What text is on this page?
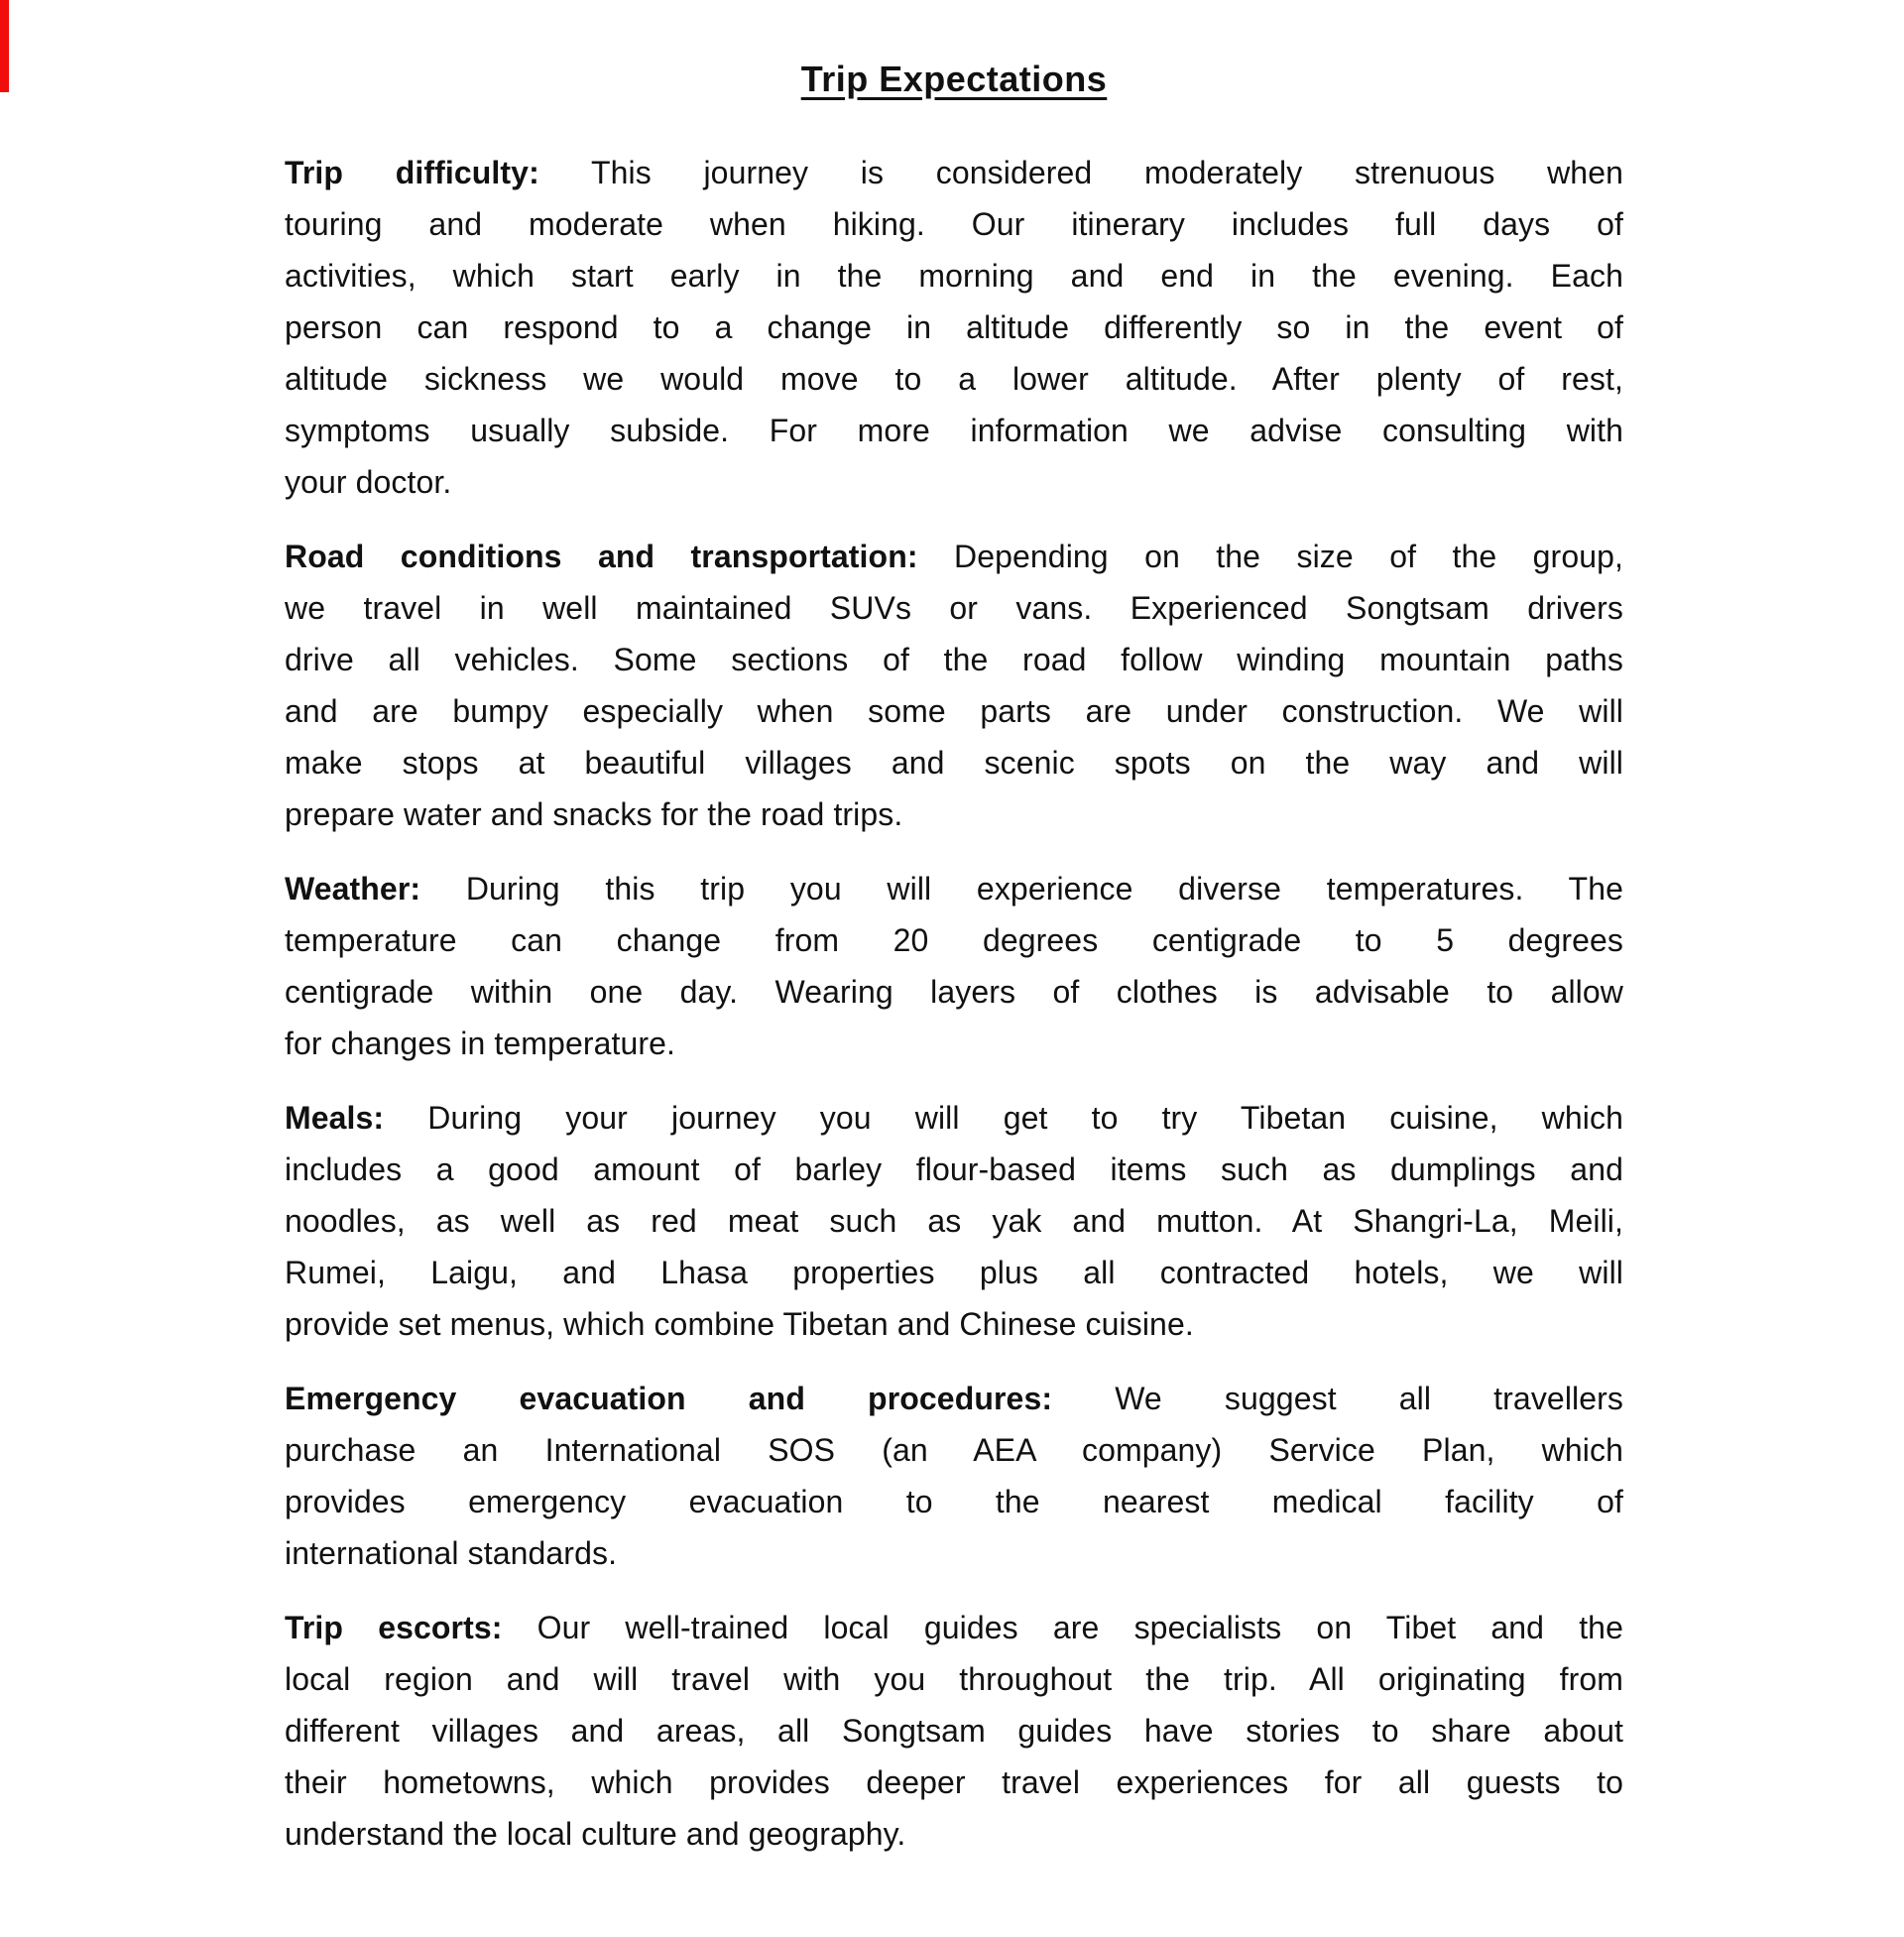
Trip Expectations
Trip difficulty: This journey is considered moderately strenuous when
touring and moderate when hiking. Our itinerary includes full days of
activities, which start early in the morning and end in the evening. Each
person can respond to a change in altitude differently so in the event of
altitude sickness we would move to a lower altitude. After plenty of rest,
symptoms usually subside. For more information we advise consulting with
your doctor.
Road conditions and transportation: Depending on the size of the group,
we travel in well maintained SUVs or vans. Experienced Songtsam drivers
drive all vehicles. Some sections of the road follow winding mountain paths
and are bumpy especially when some parts are under construction. We will
make stops at beautiful villages and scenic spots on the way and will
prepare water and snacks for the road trips.
Weather: During this trip you will experience diverse temperatures. The
temperature can change from 20 degrees centigrade to 5 degrees
centigrade within one day. Wearing layers of clothes is advisable to allow
for changes in temperature.
Meals: During your journey you will get to try Tibetan cuisine, which
includes a good amount of barley flour-based items such as dumplings and
noodles, as well as red meat such as yak and mutton. At Shangri-La, Meili,
Rumei, Laigu, and Lhasa properties plus all contracted hotels, we will
provide set menus, which combine Tibetan and Chinese cuisine.
Emergency evacuation and procedures: We suggest all travellers
purchase an International SOS (an AEA company) Service Plan, which
provides emergency evacuation to the nearest medical facility of
international standards.
Trip escorts: Our well-trained local guides are specialists on Tibet and the
local region and will travel with you throughout the trip. All originating from
different villages and areas, all Songtsam guides have stories to share about
their hometowns, which provides deeper travel experiences for all guests to
understand the local culture and geography.
